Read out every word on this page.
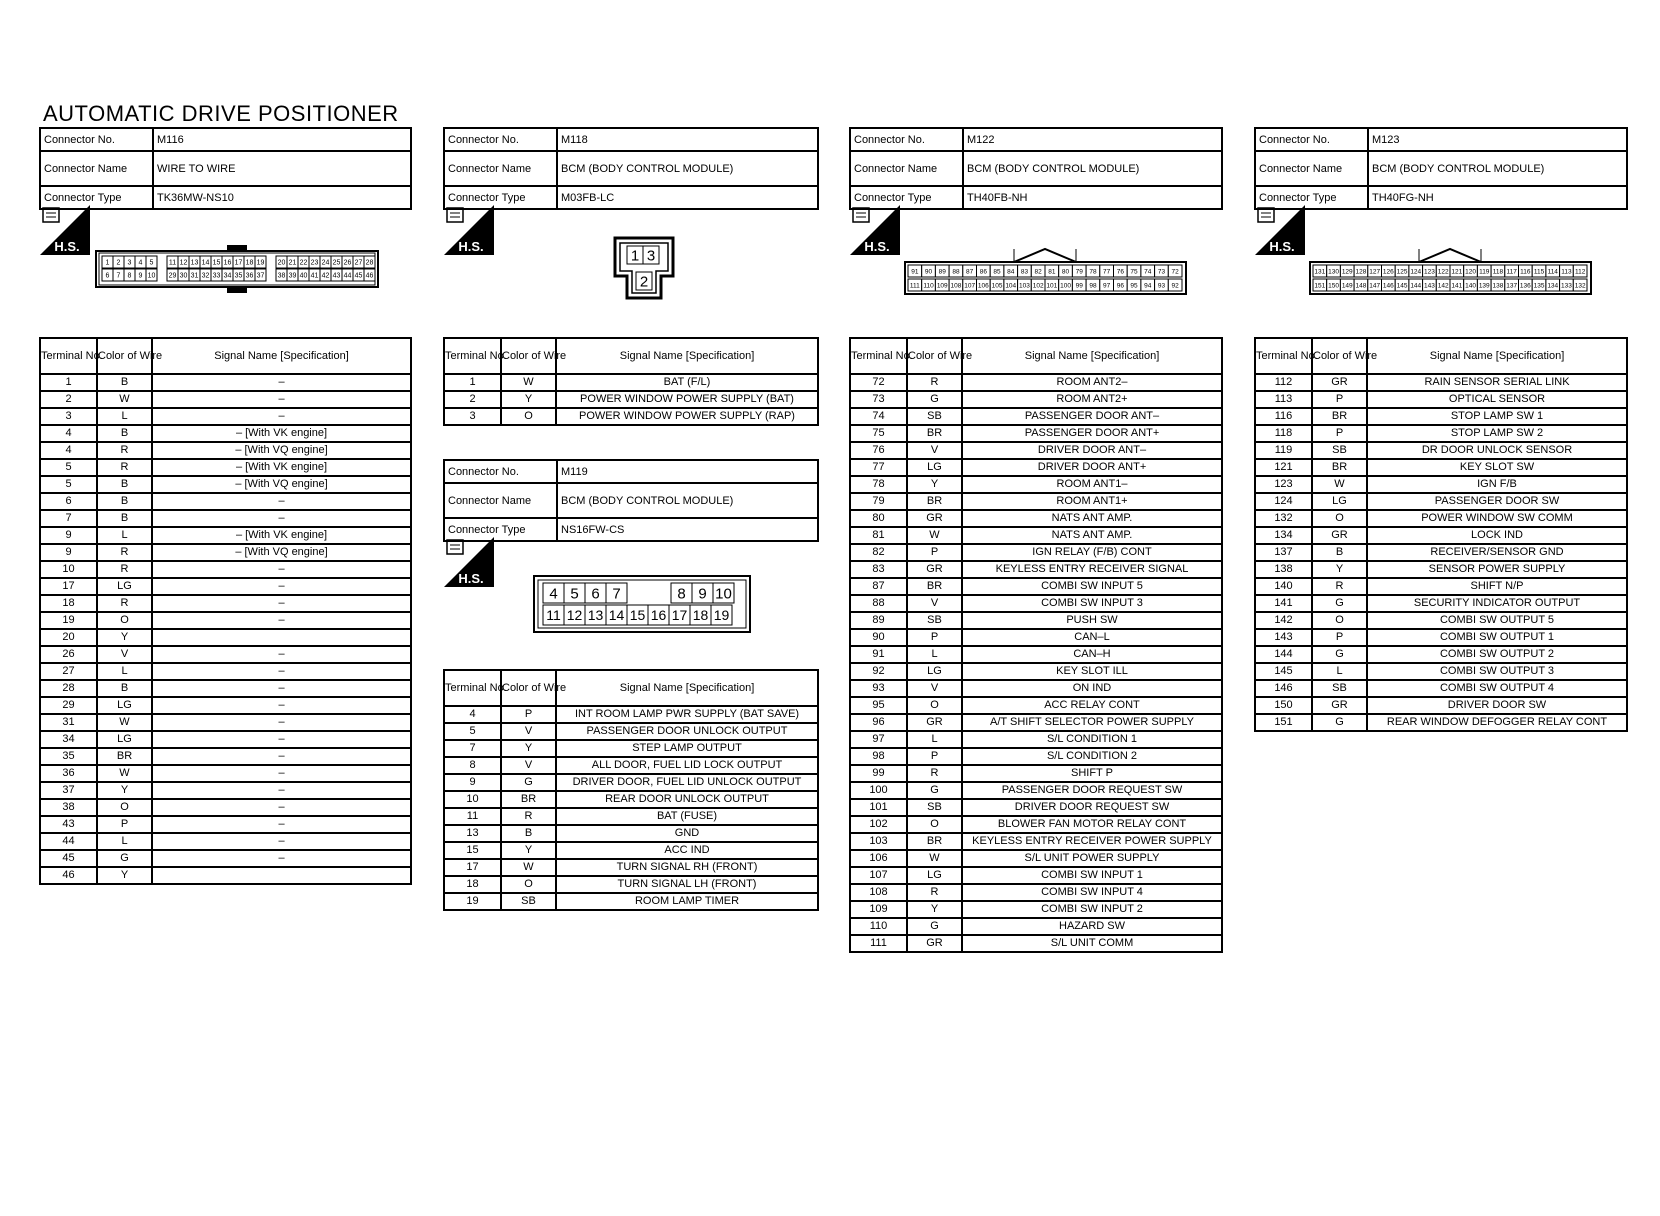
AUTOMATIC DRIVE POSITIONER
Connector No.	M116
Connector Name	WIRE TO WIRE
Connector Type	TK36MW-NS10
Connector No.	M118
Connector Name	BCM (BODY CONTROL MODULE)
Connector Type	M03FB-LC
Connector No.	M119
Connector Name	BCM (BODY CONTROL MODULE)
Connector Type	NS16FW-CS
Connector No.	M122
Connector Name	BCM (BODY CONTROL MODULE)
Connector Type	TH40FB-NH
Connector No.	M123
Connector Name	BCM (BODY CONTROL MODULE)
Connector Type	TH40FG-NH
H.S.	H.S.
H.S.
H.S.	H.S.
1 2 3 4 5 11 12 13 14 15 16 17 18 19 20 21 22 23 24 25 26 27 28
6 7 8 9 10 29 30 31 32 33 34 35 36 37 38 39 40 41 42 43 44 45 46
1 3
2
4 5 6 7	8 9 10
11 12 13 14 15 16 17 18 19
91 90 89 88 87 86 85 84 83 82 81 80 79 78 77 76 75 74 73 72
111 110 109 108 107 106 105 104 103 102 101 100 99 98 97 96 95 94 93 92
131 130 129 128 127 126 125 124 123 122 121 120 119 118 117 116 115 114 113 112
151 150 149 148 147 146 145 144 143 142 141 140 139 138 137 136 135 134 133 132
Terminal No.	Color of Wire	Signal Name [Specification]
1	B	–
2	W	–
3	L	–
4	B	– [With VK engine]
4	R	– [With VQ engine]
5	R	– [With VK engine]
5	B	– [With VQ engine]
6	B	–
7	B	–
9	L	– [With VK engine]
9	R	– [With VQ engine]
10	R	–
17	LG	–
18	R	–
19	O	–
20	Y	
26	V	–
27	L	–
28	B	–
29	LG	–
31	W	–
34	LG	–
35	BR	–
36	W	–
37	Y	–
38	O	–
43	P	–
44	L	–
45	G	–
46	Y	
Terminal No.	Color of Wire	Signal Name [Specification]
1	W	BAT (F/L)
2	Y	POWER WINDOW POWER SUPPLY (BAT)
3	O	POWER WINDOW POWER SUPPLY (RAP)
Terminal No.	Color of Wire	Signal Name [Specification]
4	P	INT ROOM LAMP PWR SUPPLY (BAT SAVE)
5	V	PASSENGER DOOR UNLOCK OUTPUT
7	Y	STEP LAMP OUTPUT
8	V	ALL DOOR, FUEL LID LOCK OUTPUT
9	G	DRIVER DOOR, FUEL LID UNLOCK OUTPUT
10	BR	REAR DOOR UNLOCK OUTPUT
11	R	BAT (FUSE)
13	B	GND
15	Y	ACC IND
17	W	TURN SIGNAL RH (FRONT)
18	O	TURN SIGNAL LH (FRONT)
19	SB	ROOM LAMP TIMER
Terminal No.	Color of Wire	Signal Name [Specification]
72	R	ROOM ANT2–
73	G	ROOM ANT2+
74	SB	PASSENGER DOOR ANT–
75	BR	PASSENGER DOOR ANT+
76	V	DRIVER DOOR ANT–
77	LG	DRIVER DOOR ANT+
78	Y	ROOM ANT1–
79	BR	ROOM ANT1+
80	GR	NATS ANT AMP.
81	W	NATS ANT AMP.
82	P	IGN RELAY (F/B) CONT
83	GR	KEYLESS ENTRY RECEIVER SIGNAL
87	BR	COMBI SW INPUT 5
88	V	COMBI SW INPUT 3
89	SB	PUSH SW
90	P	CAN–L
91	L	CAN–H
92	LG	KEY SLOT ILL
93	V	ON IND
95	O	ACC RELAY CONT
96	GR	A/T SHIFT SELECTOR POWER SUPPLY
97	L	S/L CONDITION 1
98	P	S/L CONDITION 2
99	R	SHIFT P
100	G	PASSENGER DOOR REQUEST SW
101	SB	DRIVER DOOR REQUEST SW
102	O	BLOWER FAN MOTOR RELAY CONT
103	BR	KEYLESS ENTRY RECEIVER POWER SUPPLY
106	W	S/L UNIT POWER SUPPLY
107	LG	COMBI SW INPUT 1
108	R	COMBI SW INPUT 4
109	Y	COMBI SW INPUT 2
110	G	HAZARD SW
111	GR	S/L UNIT COMM
Terminal No.	Color of Wire	Signal Name [Specification]
112	GR	RAIN SENSOR SERIAL LINK
113	P	OPTICAL SENSOR
116	BR	STOP LAMP SW 1
118	P	STOP LAMP SW 2
119	SB	DR DOOR UNLOCK SENSOR
121	BR	KEY SLOT SW
123	W	IGN F/B
124	LG	PASSENGER DOOR SW
132	O	POWER WINDOW SW COMM
134	GR	LOCK IND
137	B	RECEIVER/SENSOR GND
138	Y	SENSOR POWER SUPPLY
140	R	SHIFT N/P
141	G	SECURITY INDICATOR OUTPUT
142	O	COMBI SW OUTPUT 5
143	P	COMBI SW OUTPUT 1
144	G	COMBI SW OUTPUT 2
145	L	COMBI SW OUTPUT 3
146	SB	COMBI SW OUTPUT 4
150	GR	DRIVER DOOR SW
151	G	REAR WINDOW DEFOGGER RELAY CONT
